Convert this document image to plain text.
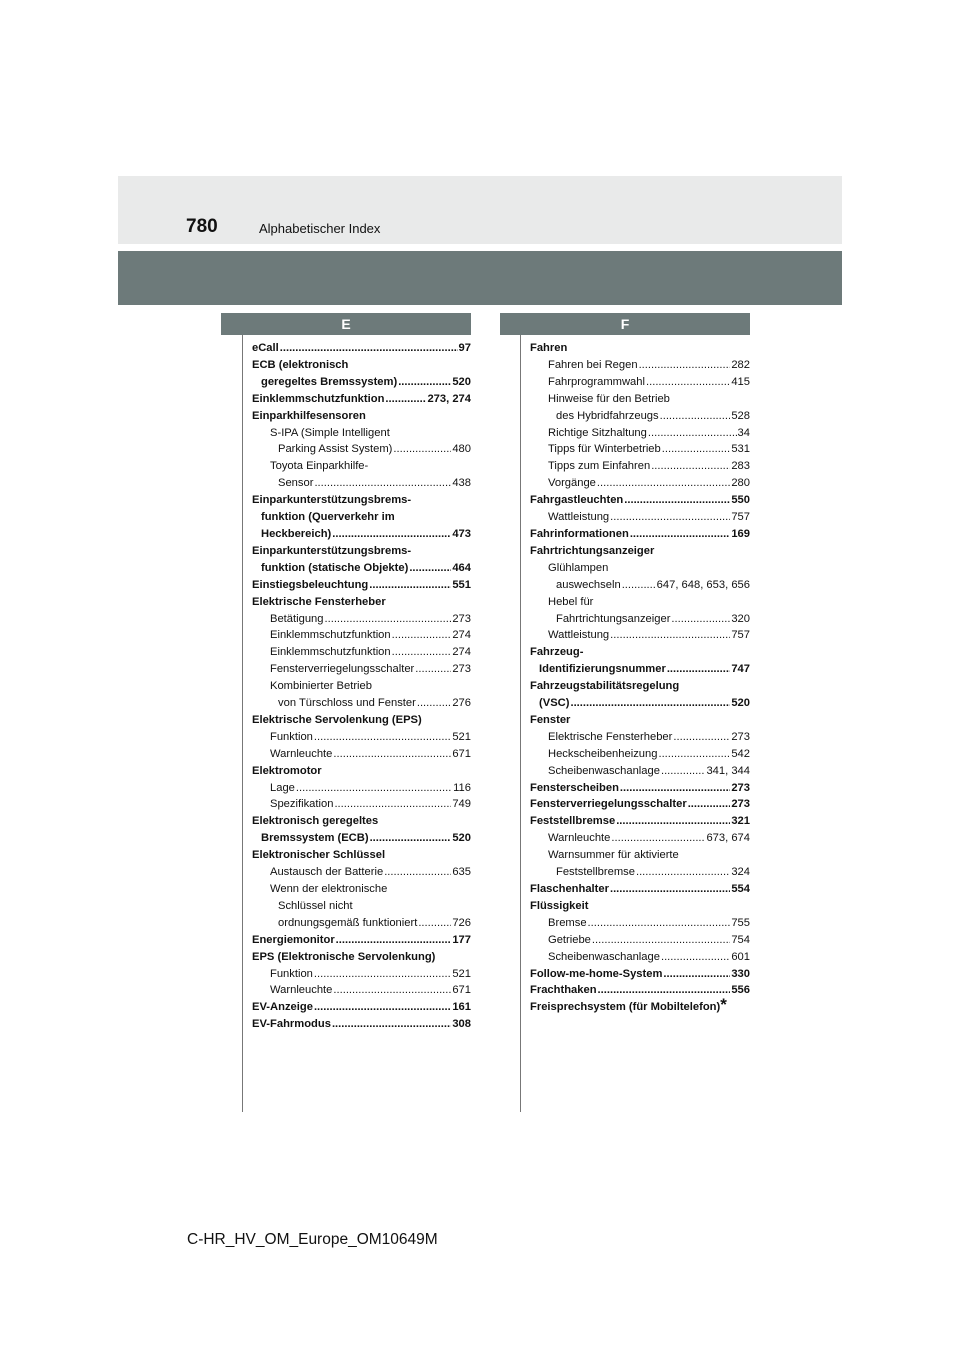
780	Alphabetischer Index
E	F
eCall .....	97
ECB (elektronisch
geregeltes Bremssystem) .....	520
Einklemmschutzfunktion .....	273, 274
Einparkhilfesensoren
S-IPA (Simple Intelligent
Parking Assist System) .....	480
Toyota Einparkhilfe-
Sensor .....	438
Einparkunterstützungsbrems-
funktion (Querverkehr im
Heckbereich) .....	473
Einparkunterstützungsbrems-
funktion (statische Objekte) .....	464
Einstiegsbeleuchtung .....	551
Elektrische Fensterheber
Betätigung .....	273
Einklemmschutzfunktion .....	274
Einklemmschutzfunktion .....	274
Fensterverriegelungsschalter .....	273
Kombinierter Betrieb
von Türschloss und Fenster .....	276
Elektrische Servolenkung (EPS)
Funktion .....	521
Warnleuchte .....	671
Elektromotor
Lage .....	116
Spezifikation .....	749
Elektronisch geregeltes
Bremssystem (ECB) .....	520
Elektronischer Schlüssel
Austausch der Batterie .....	635
Wenn der elektronische
Schlüssel nicht
ordnungsgemäß funktioniert .....	726
Energiemonitor .....	177
EPS (Elektronische Servolenkung)
Funktion .....	521
Warnleuchte .....	671
EV-Anzeige .....	161
EV-Fahrmodus .....	308
Fahren
Fahren bei Regen .....	282
Fahrprogrammwahl .....	415
Hinweise für den Betrieb
des Hybridfahrzeugs .....	528
Richtige Sitzhaltung .....	34
Tipps für Winterbetrieb .....	531
Tipps zum Einfahren .....	283
Vorgänge .....	280
Fahrgastleuchten .....	550
Wattleistung .....	757
Fahrinformationen .....	169
Fahrtrichtungsanzeiger
Glühlampen
auswechseln .....	647, 648, 653, 656
Hebel für
Fahrtrichtungsanzeiger .....	320
Wattleistung .....	757
Fahrzeug-
Identifizierungsnummer .....	747
Fahrzeugstabilitätsregelung
(VSC) .....	520
Fenster
Elektrische Fensterheber .....	273
Heckscheibenheizung .....	542
Scheibenwaschanlage .....	341, 344
Fensterscheiben .....	273
Fensterverriegelungsschalter .....	273
Feststellbremse .....	321
Warnleuchte .....	673, 674
Warnsummer für aktivierte
Feststellbremse .....	324
Flaschenhalter .....	554
Flüssigkeit
Bremse .....	755
Getriebe .....	754
Scheibenwaschanlage .....	601
Follow-me-home-System .....	330
Frachthaken .....	556
Freisprechsystem (für Mobiltelefon) *
C-HR_HV_OM_Europe_OM10649M
